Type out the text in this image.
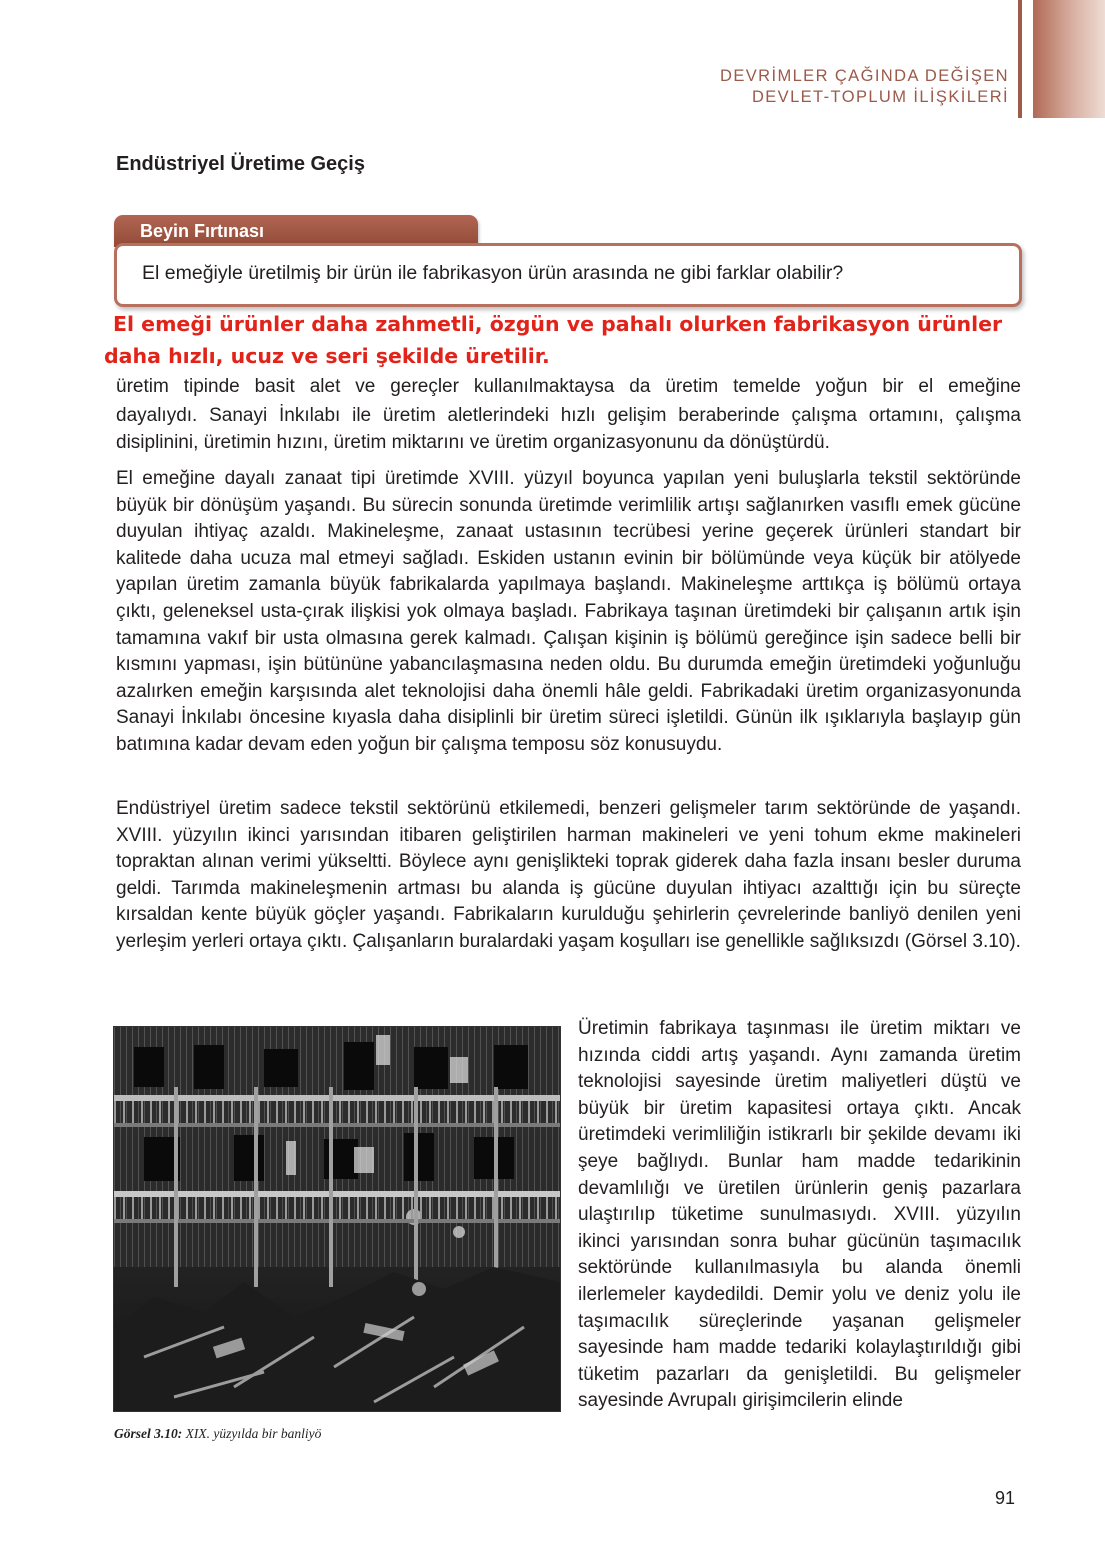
DEVRİMLER ÇAĞINDA DEĞİŞEN
DEVLET-TOPLUM İLİŞKİLERİ
Endüstriyel Üretime Geçiş
Beyin Fırtınası
El emeğiyle üretilmiş bir ürün ile fabrikasyon ürün arasında ne gibi farklar olabilir?
El emeği ürünler daha zahmetli, özgün ve pahalı olurken fabrikasyon ürünler
daha hızlı, ucuz ve seri şekilde üretilir.
üretim tipinde basit alet ve gereçler kullanılmaktaysa da üretim temelde yoğun bir el emeğine
dayalıydı. Sanayi İnkılabı ile üretim aletlerindeki hızlı gelişim beraberinde çalışma ortamını, çalışma disiplinini, üretimin hızını, üretim miktarını ve üretim organizasyonunu da dönüştürdü.
El emeğine dayalı zanaat tipi üretimde XVIII. yüzyıl boyunca yapılan yeni buluşlarla tekstil sektöründe büyük bir dönüşüm yaşandı. Bu sürecin sonunda üretimde verimlilik artışı sağlanırken vasıflı emek gücüne duyulan ihtiyaç azaldı. Makineleşme, zanaat ustasının tecrübesi yerine geçerek ürünleri standart bir kalitede daha ucuza mal etmeyi sağladı. Eskiden ustanın evinin bir bölümünde veya küçük bir atölyede yapılan üretim zamanla büyük fabrikalarda yapılmaya başlandı. Makineleşme arttıkça iş bölümü ortaya çıktı, geleneksel usta-çırak ilişkisi yok olmaya başladı. Fabrikaya taşınan üretimdeki bir çalışanın artık işin tamamına vakıf bir usta olmasına gerek kalmadı. Çalışan kişinin iş bölümü gereğince işin sadece belli bir kısmını yapması, işin bütününe yabancılaşmasına neden oldu. Bu durumda emeğin üretimdeki yoğunluğu azalırken emeğin karşısında alet teknolojisi daha önemli hâle geldi. Fabrikadaki üretim organizasyonunda Sanayi İnkılabı öncesine kıyasla daha disiplinli bir üretim süreci işletildi. Günün ilk ışıklarıyla başlayıp gün batımına kadar devam eden yoğun bir çalışma temposu söz konusuydu.
Endüstriyel üretim sadece tekstil sektörünü etkilemedi, benzeri gelişmeler tarım sektöründe de yaşandı. XVIII. yüzyılın ikinci yarısından itibaren geliştirilen harman makineleri ve yeni tohum ekme makineleri topraktan alınan verimi yükseltti. Böylece aynı genişlikteki toprak giderek daha fazla insanı besler duruma geldi. Tarımda makineleşmenin artması bu alanda iş gücüne duyulan ihtiyacı azalttığı için bu süreçte kırsaldan kente büyük göçler yaşandı. Fabrikaların kurulduğu şehirlerin çevrelerinde banliyö denilen yeni yerleşim yerleri ortaya çıktı. Çalışanların buralardaki yaşam koşulları ise genellikle sağlıksızdı (Görsel 3.10).
Görsel 3.10: XIX. yüzyılda bir banliyö
Üretimin fabrikaya taşınması ile üretim miktarı ve hızında ciddi artış yaşandı. Aynı zamanda üretim teknolojisi sayesinde üretim maliyetleri düştü ve büyük bir üretim kapasitesi ortaya çıktı. Ancak üretimdeki verimliliğin istikrarlı bir şekilde devamı iki şeye bağlıydı. Bunlar ham madde tedarikinin devamlılığı ve üretilen ürünlerin geniş pazarlara ulaştırılıp tüketime sunulmasıydı. XVIII. yüzyılın ikinci yarısından sonra buhar gücünün taşımacılık sektöründe kullanılmasıyla bu alanda önemli ilerlemeler kaydedildi. Demir yolu ve deniz yolu ile taşımacılık süreçlerinde yaşanan gelişmeler sayesinde ham madde tedariki kolaylaştırıldığı gibi tüketim pazarları da genişletildi. Bu gelişmeler sayesinde Avrupalı girişimcilerin elinde
91
